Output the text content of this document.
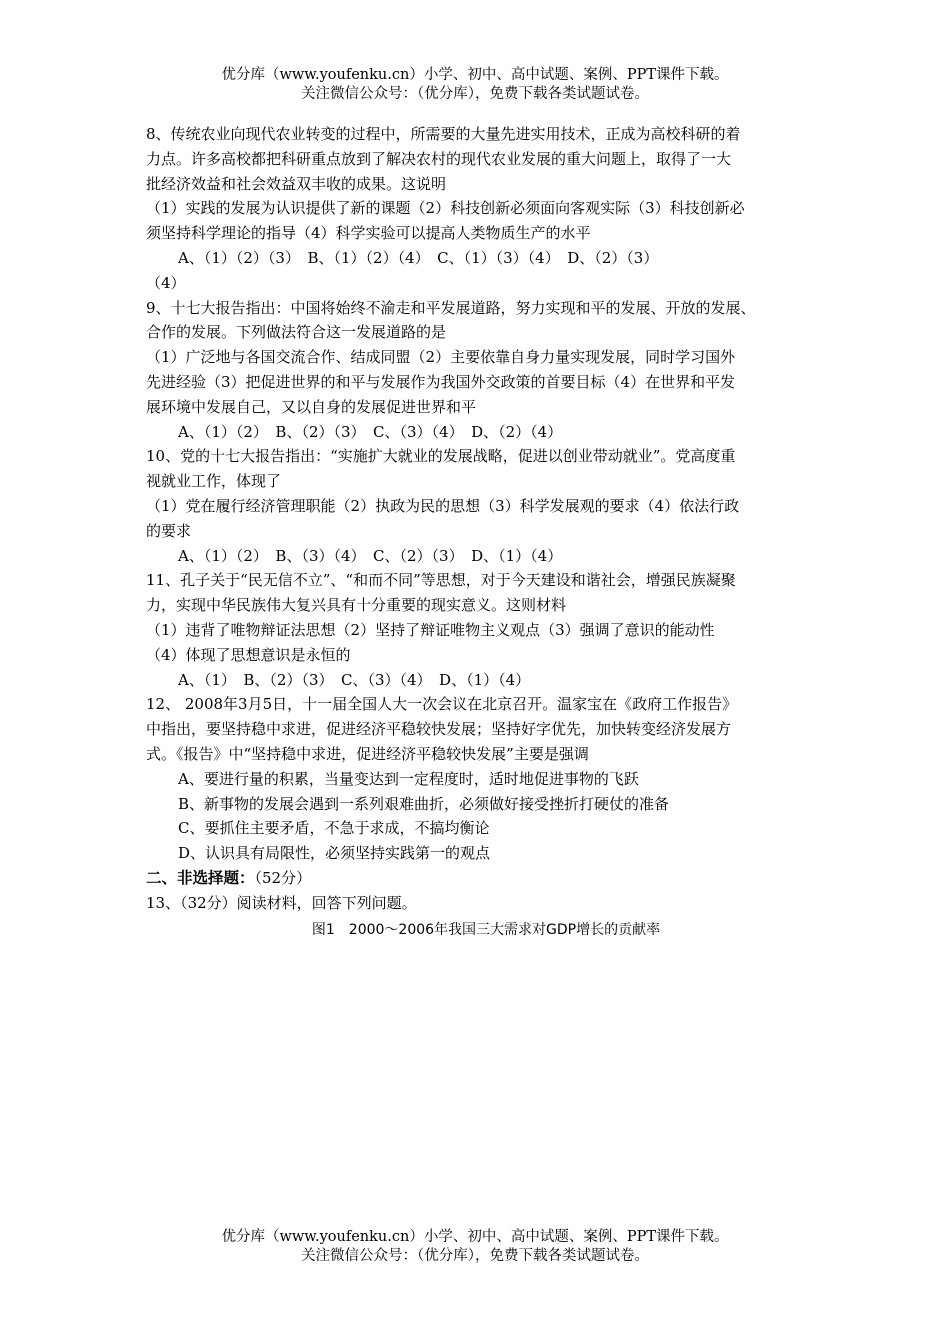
优分库（www.youfenku.cn）小学、初中、高中试题、案例、PPT课件下载。
关注微信公众号：（优分库），免费下载各类试题试卷。

8、传统农业向现代农业转变的过程中，所需要的大量先进实用技术，正成为高校科研的着

力点。许多高校都把科研重点放到了解决农村的现代农业发展的重大问题上，取得了一大

批经济效益和社会效益双丰收的成果。这说明

（1）实践的发展为认识提供了新的课题（2）科技创新必须面向客观实际（3）科技创新必

须坚持科学理论的指导（4）科学实验可以提高人类物质生产的水平

A、（1）（2）（3）　B、（1）（2）（4）　C、（1）（3）（4）　D、（2）（3）

（4）

9、十七大报告指出：中国将始终不渝走和平发展道路，努力实现和平的发展、开放的发展、

合作的发展。下列做法符合这一发展道路的是

（1）广泛地与各国交流合作、结成同盟（2）主要依靠自身力量实现发展，同时学习国外

先进经验（3）把促进世界的和平与发展作为我国外交政策的首要目标（4）在世界和平发

展环境中发展自己，又以自身的发展促进世界和平

A、（1）（2）　B、（2）（3）　C、（3）（4）　D、（2）（4）

10、党的十七大报告指出：“实施扩大就业的发展战略，促进以创业带动就业”。党高度重

视就业工作，体现了

（1）党在履行经济管理职能（2）执政为民的思想（3）科学发展观的要求（4）依法行政

的要求

A、（1）（2）　B、（3）（4）　C、（2）（3）　D、（1）（4）

11、孔子关于“民无信不立”、“和而不同”等思想，对于今天建设和谐社会，增强民族凝聚

力，实现中华民族伟大复兴具有十分重要的现实意义。这则材料

（1）违背了唯物辩证法思想（2）坚持了辩证唯物主义观点（3）强调了意识的能动性

（4）体现了思想意识是永恒的

A、（1）　B、（2）（3）　C、（3）（4）　D、（1）（4）

12、 2008年3月5日，十一届全国人大一次会议在北京召开。温家宝在《政府工作报告》

中指出，要坚持稳中求进，促进经济平稳较快发展；坚持好字优先，加快转变经济发展方

式。《报告》中“坚持稳中求进，促进经济平稳较快发展”主要是强调

A、要进行量的积累，当量变达到一定程度时，适时地促进事物的飞跃

B、新事物的发展会遇到一系列艰难曲折，必须做好接受挫折打硬仗的准备

C、要抓住主要矛盾，不急于求成，不搞均衡论

D、认识具有局限性，必须坚持实践第一的观点

二、非选择题：（52分）

13、（32分）阅读材料，回答下列问题。

图1　2000～2006年我国三大需求对GDP增长的贡献率

优分库（www.youfenku.cn）小学、初中、高中试题、案例、PPT课件下载。
关注微信公众号：（优分库），免费下载各类试题试卷。
